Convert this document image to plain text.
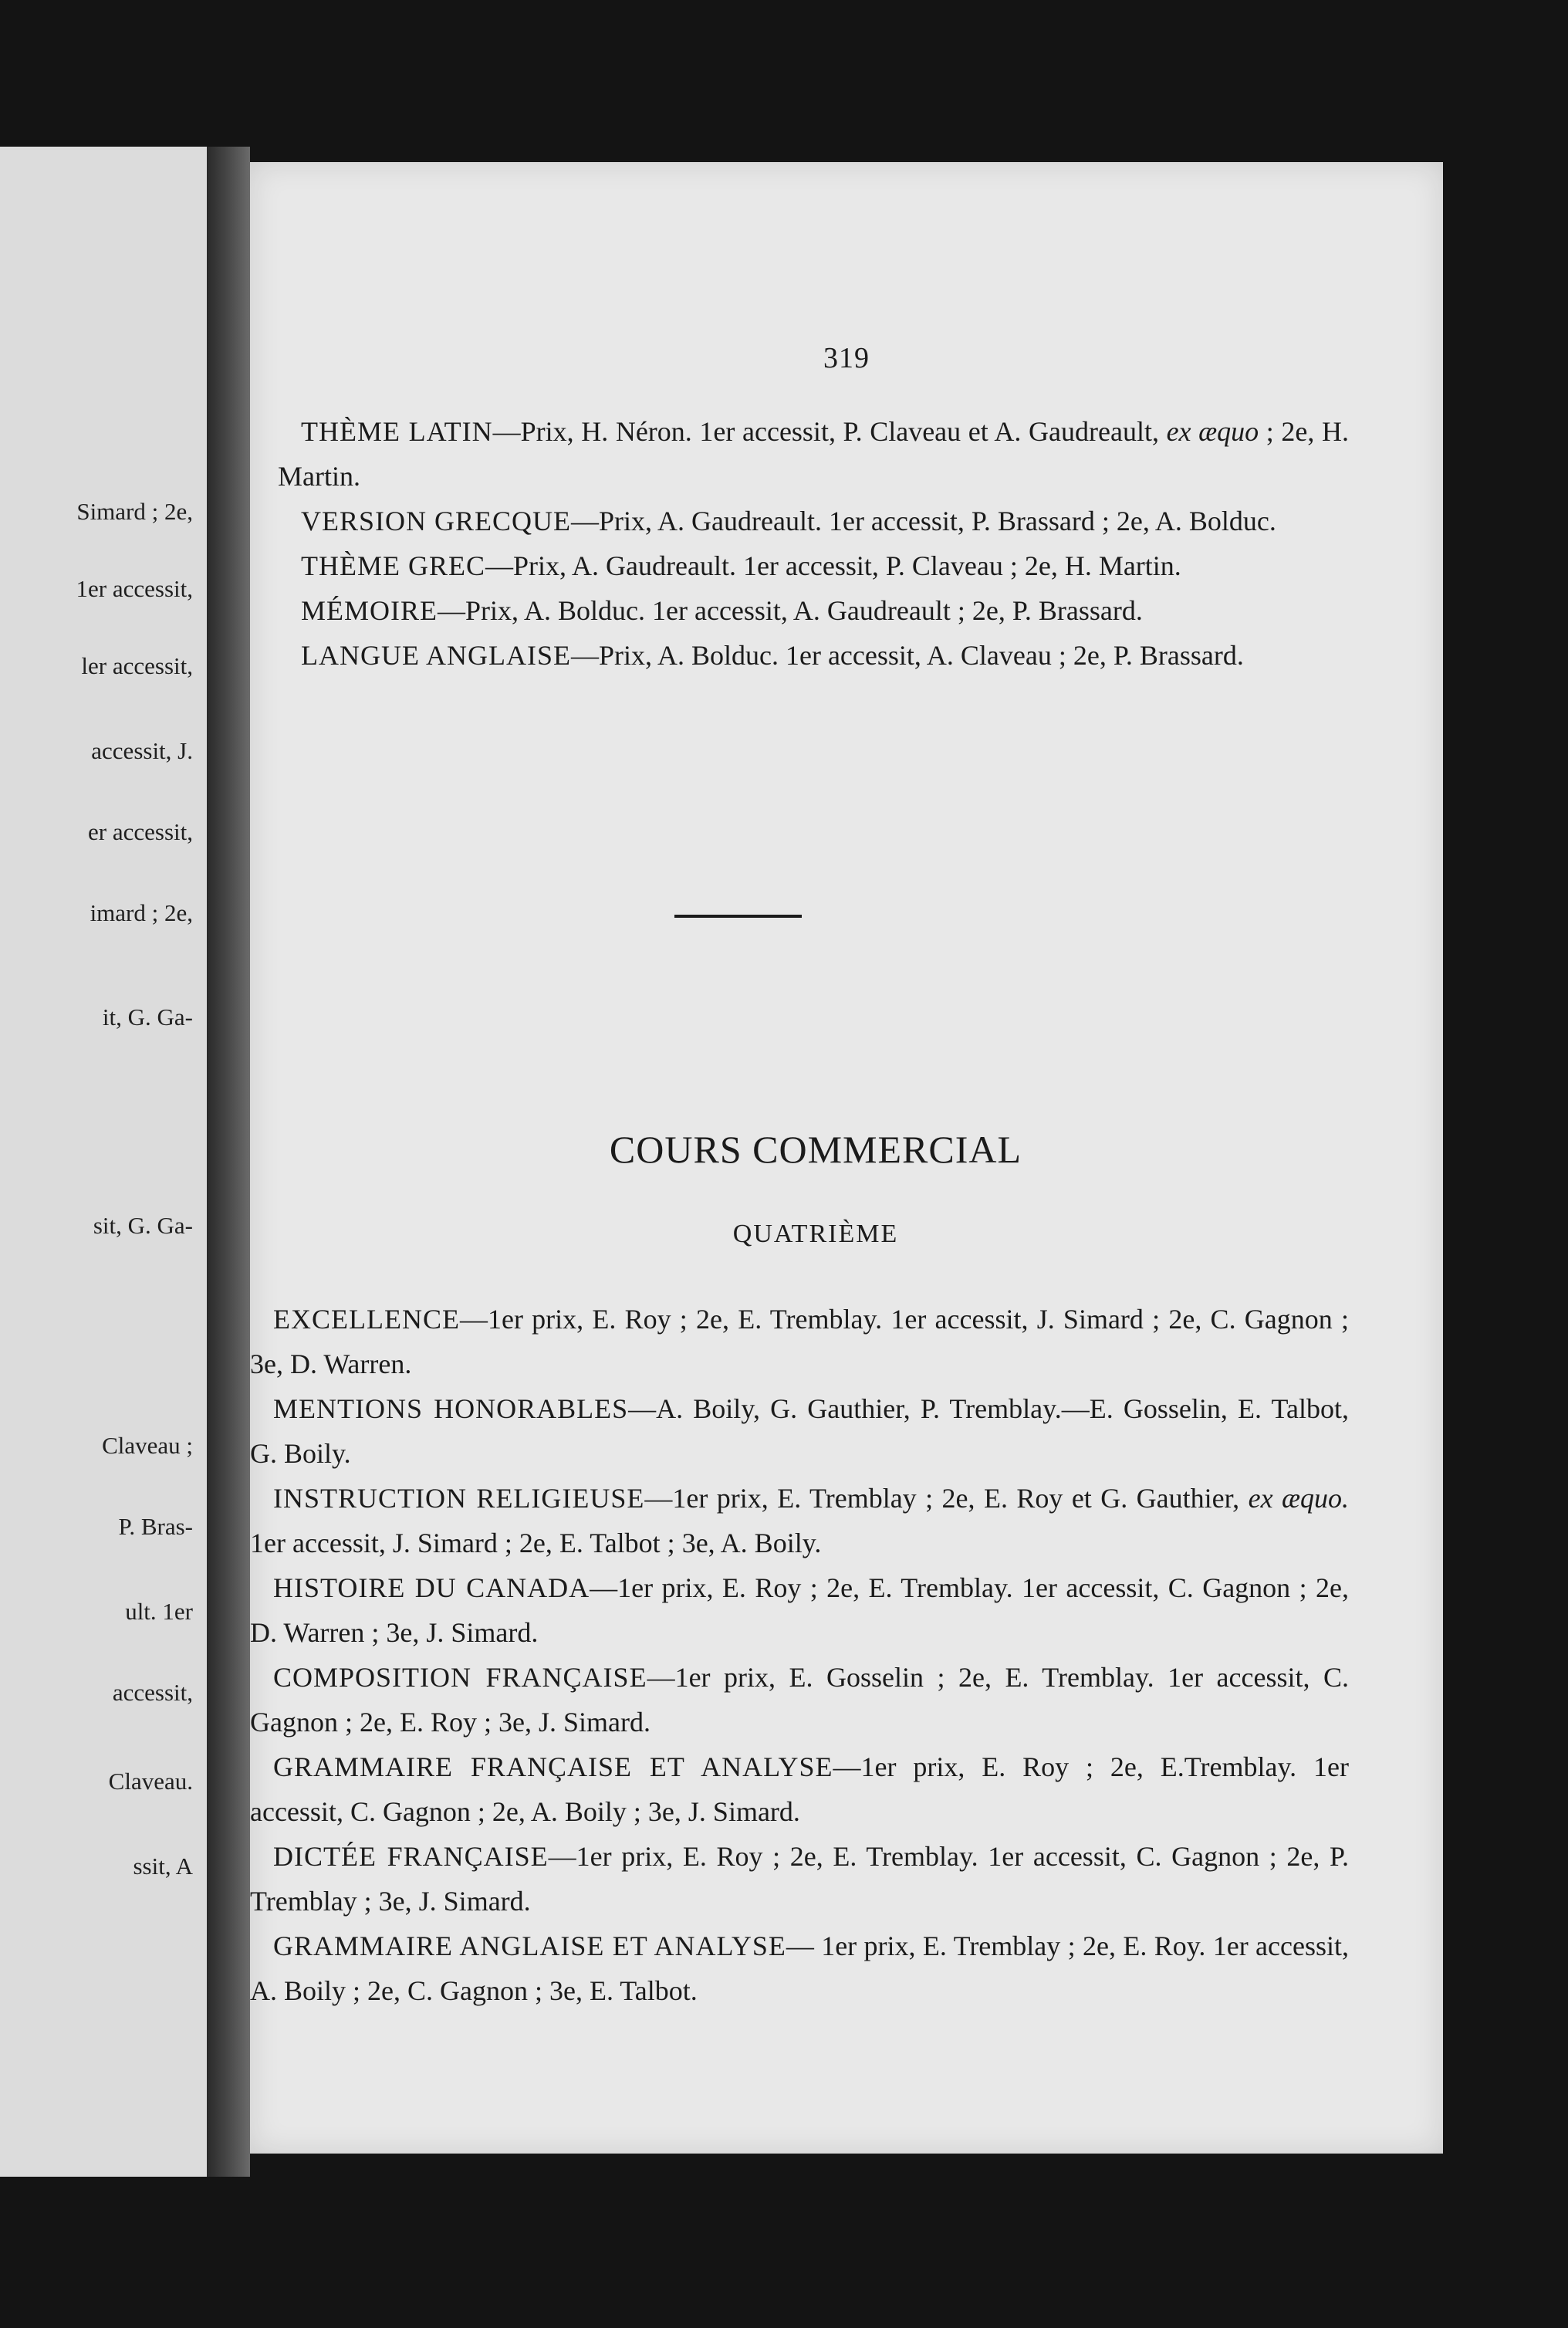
Simard ; 2e,
1er accessit,
ler accessit,
accessit, J.
er accessit,
imard ; 2e,
it, G. Ga-
sit, G. Ga-
Claveau ;
P. Bras-
ult. 1er
accessit,
Claveau.
ssit, A
319

THÈME LATIN—Prix, H. Néron. 1er accessit, P. Claveau et A. Gaudreault, ex æquo ; 2e, H. Martin.

VERSION GRECQUE—Prix, A. Gaudreault. 1er accessit, P. Brassard ; 2e, A. Bolduc.

THÈME GREC—Prix, A. Gaudreault. 1er accessit, P. Claveau ; 2e, H. Martin.

MÉMOIRE—Prix, A. Bolduc. 1er accessit, A. Gaudreault ; 2e, P. Brassard.

LANGUE ANGLAISE—Prix, A. Bolduc. 1er accessit, A. Claveau ; 2e, P. Brassard.

COURS COMMERCIAL
QUATRIÈME

EXCELLENCE—1er prix, E. Roy ; 2e, E. Tremblay. 1er accessit, J. Simard ; 2e, C. Gagnon ; 3e, D. Warren.

MENTIONS HONORABLES—A. Boily, G. Gauthier, P. Tremblay.—E. Gosselin, E. Talbot, G. Boily.

INSTRUCTION RELIGIEUSE—1er prix, E. Tremblay ; 2e, E. Roy et G. Gauthier, ex æquo. 1er accessit, J. Simard ; 2e, E. Talbot ; 3e, A. Boily.

HISTOIRE DU CANADA—1er prix, E. Roy ; 2e, E. Tremblay. 1er accessit, C. Gagnon ; 2e, D. Warren ; 3e, J. Simard.

COMPOSITION FRANÇAISE—1er prix, E. Gosselin ; 2e, E. Tremblay. 1er accessit, C. Gagnon ; 2e, E. Roy ; 3e, J. Simard.

GRAMMAIRE FRANÇAISE ET ANALYSE—1er prix, E. Roy ; 2e, E.Tremblay. 1er accessit, C. Gagnon ; 2e, A. Boily ; 3e, J. Simard.

DICTÉE FRANÇAISE—1er prix, E. Roy ; 2e, E. Tremblay. 1er accessit, C. Gagnon ; 2e, P. Tremblay ; 3e, J. Simard.

GRAMMAIRE ANGLAISE ET ANALYSE— 1er prix, E. Tremblay ; 2e, E. Roy. 1er accessit, A. Boily ; 2e, C. Gagnon ; 3e, E. Talbot.
